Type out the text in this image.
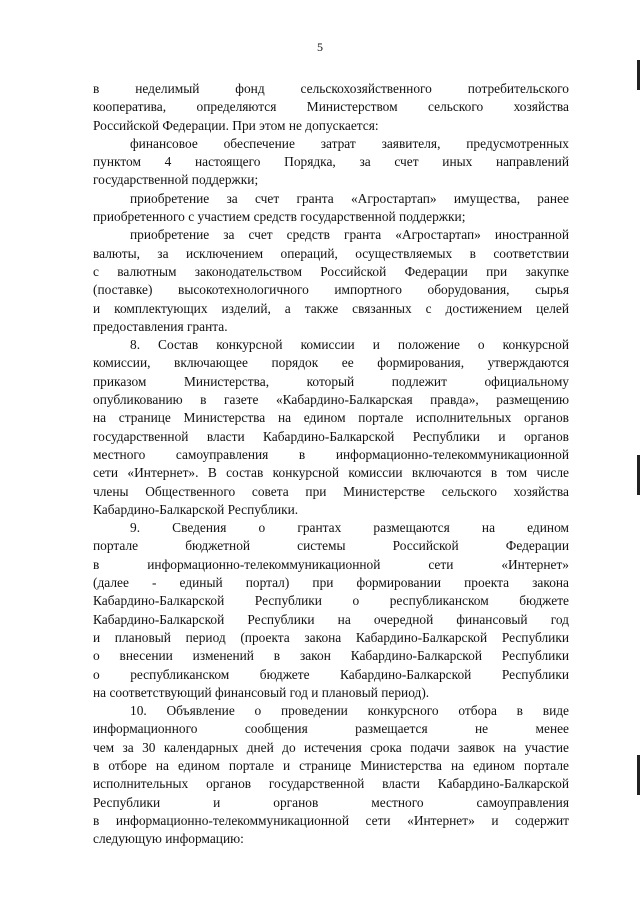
5

в неделимый фонд сельскохозяйственного потребительского

кооператива, определяются Министерством сельского хозяйства

Российской Федерации. При этом не допускается:

финансовое обеспечение затрат заявителя, предусмотренных

пунктом 4 настоящего Порядка, за счет иных направлений

государственной поддержки;

приобретение за счет гранта «Агростартап» имущества, ранее

приобретенного с участием средств государственной поддержки;

приобретение за счет средств гранта «Агростартап» иностранной

валюты, за исключением операций, осуществляемых в соответствии

с валютным законодательством Российской Федерации при закупке

(поставке) высокотехнологичного импортного оборудования, сырья

и комплектующих изделий, а также связанных с достижением целей

предоставления гранта.

8. Состав конкурсной комиссии и положение о конкурсной

комиссии, включающее порядок ее формирования, утверждаются

приказом Министерства, который подлежит официальному

опубликованию в газете «Кабардино-Балкарская правда», размещению

на странице Министерства на едином портале исполнительных органов

государственной власти Кабардино-Балкарской Республики и органов

местного самоуправления в информационно-телекоммуникационной

сети «Интернет». В состав конкурсной комиссии включаются в том числе

члены Общественного совета при Министерстве сельского хозяйства

Кабардино-Балкарской Республики.

9. Сведения о грантах размещаются на едином

портале бюджетной системы Российской Федерации

в информационно-телекоммуникационной сети «Интернет»

(далее - единый портал) при формировании проекта закона

Кабардино-Балкарской Республики о республиканском бюджете

Кабардино-Балкарской Республики на очередной финансовый год

и плановый период (проекта закона Кабардино-Балкарской Республики

о внесении изменений в закон Кабардино-Балкарской Республики

о республиканском бюджете Кабардино-Балкарской Республики

на соответствующий финансовый год и плановый период).

10. Объявление о проведении конкурсного отбора в виде

информационного сообщения размещается не менее

чем за 30 календарных дней до истечения срока подачи заявок на участие

в отборе на едином портале и странице Министерства на едином портале

исполнительных органов государственной власти Кабардино-Балкарской

Республики и органов местного самоуправления

в информационно-телекоммуникационной сети «Интернет» и содержит

следующую информацию:
